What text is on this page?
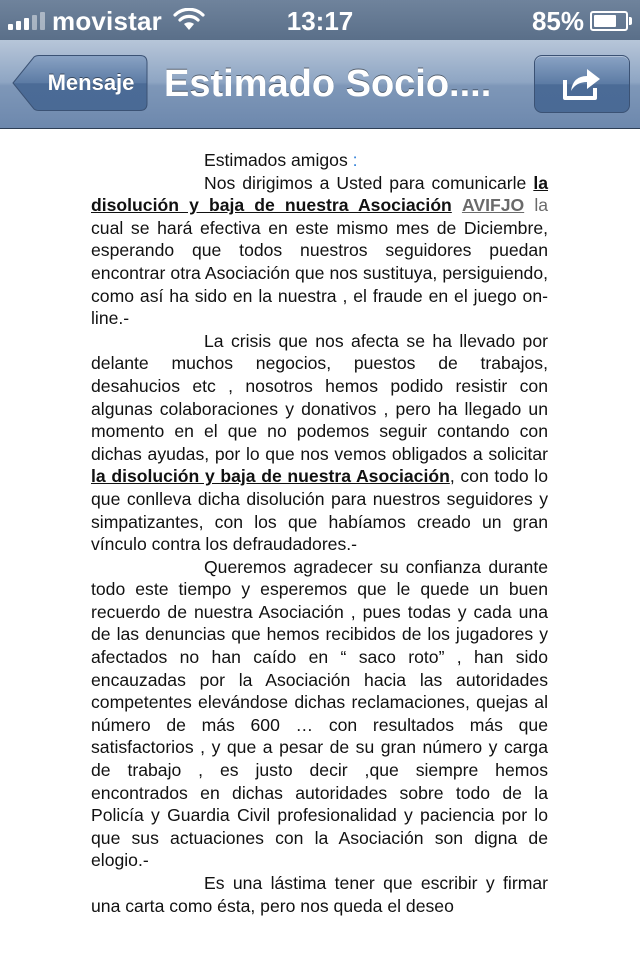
movistar	13:17	85%
Mensaje Estimado Socio....

Estimados amigos :

Nos dirigimos a Usted para comunicarle la disolución y baja de nuestra Asociación AVIFJO la cual se hará efectiva en este mismo mes de Diciembre, esperando que todos nuestros seguidores puedan encontrar otra Asociación que nos sustituya, persiguiendo, como así ha sido en la nuestra , el fraude en el juego on-line.-

La crisis que nos afecta se ha llevado por delante muchos negocios, puestos de trabajos, desahucios etc , nosotros hemos podido resistir con algunas colaboraciones y donativos , pero ha llegado un momento en el que no podemos seguir contando con dichas ayudas, por lo que nos vemos obligados a solicitar la disolución y baja de nuestra Asociación, con todo lo que conlleva dicha disolución para nuestros seguidores y simpatizantes, con los que habíamos creado un gran vínculo contra los defraudadores.-

Queremos agradecer su confianza durante todo este tiempo y esperemos que le quede un buen recuerdo de nuestra Asociación , pues todas y cada una de las denuncias que hemos recibidos de los jugadores y afectados no han caído en “ saco roto” , han sido encauzadas por la Asociación hacia las autoridades competentes elevándose dichas reclamaciones, quejas al número de más 600 … con resultados más que satisfactorios , y que a pesar de su gran número y carga de trabajo , es justo decir ,que siempre hemos encontrados en dichas autoridades sobre todo de la Policía y Guardia Civil profesionalidad y paciencia por lo que sus actuaciones con la Asociación son digna de elogio.-

Es una lástima tener que escribir y firmar una carta como ésta, pero nos queda el deseo
